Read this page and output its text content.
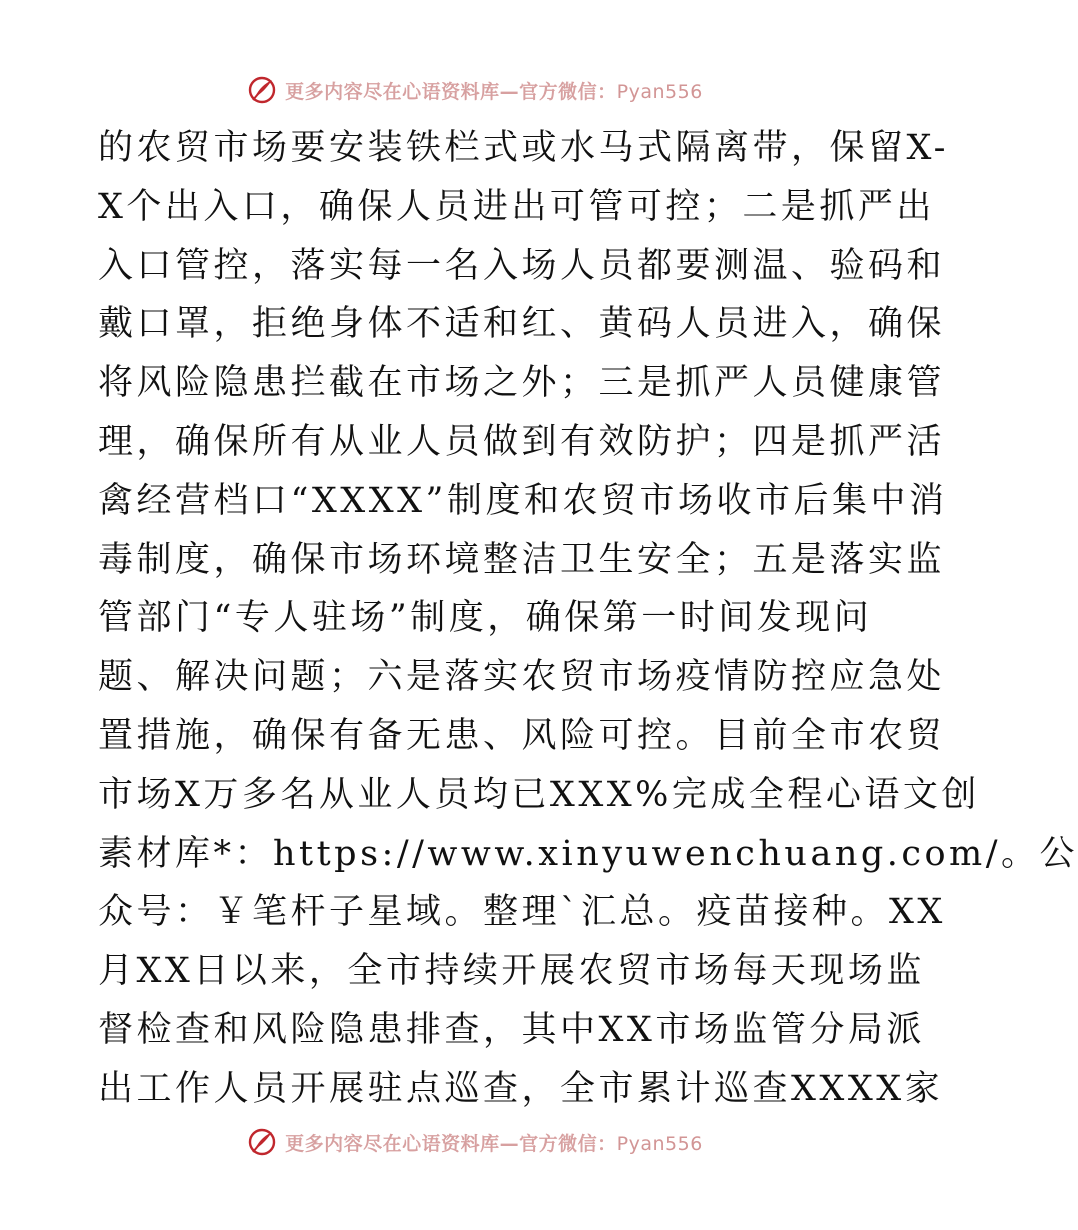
更多内容尽在心语资料库—官方微信：Pyan556
的农贸市场要安装铁栏式或水马式隔离带，保留X-
X个出入口，确保人员进出可管可控；二是抓严出
入口管控，落实每一名入场人员都要测温、验码和
戴口罩，拒绝身体不适和红、黄码人员进入，确保
将风险隐患拦截在市场之外；三是抓严人员健康管
理，确保所有从业人员做到有效防护；四是抓严活
禽经营档口“XXXX”制度和农贸市场收市后集中消
毒制度，确保市场环境整洁卫生安全；五是落实监
管部门“专人驻场”制度，确保第一时间发现问
题、解决问题；六是落实农贸市场疫情防控应急处
置措施，确保有备无患、风险可控。目前全市农贸
市场X万多名从业人员均已XXX%完成全程心语文创
素材库*：https://www.xinyuwenchuang.com/。公
众号：￥笔杆子星域。整理`汇总。疫苗接种。XX
月XX日以来，全市持续开展农贸市场每天现场监
督检查和风险隐患排查，其中XX市场监管分局派
出工作人员开展驻点巡查，全市累计巡查XXXX家
更多内容尽在心语资料库—官方微信：Pyan556
